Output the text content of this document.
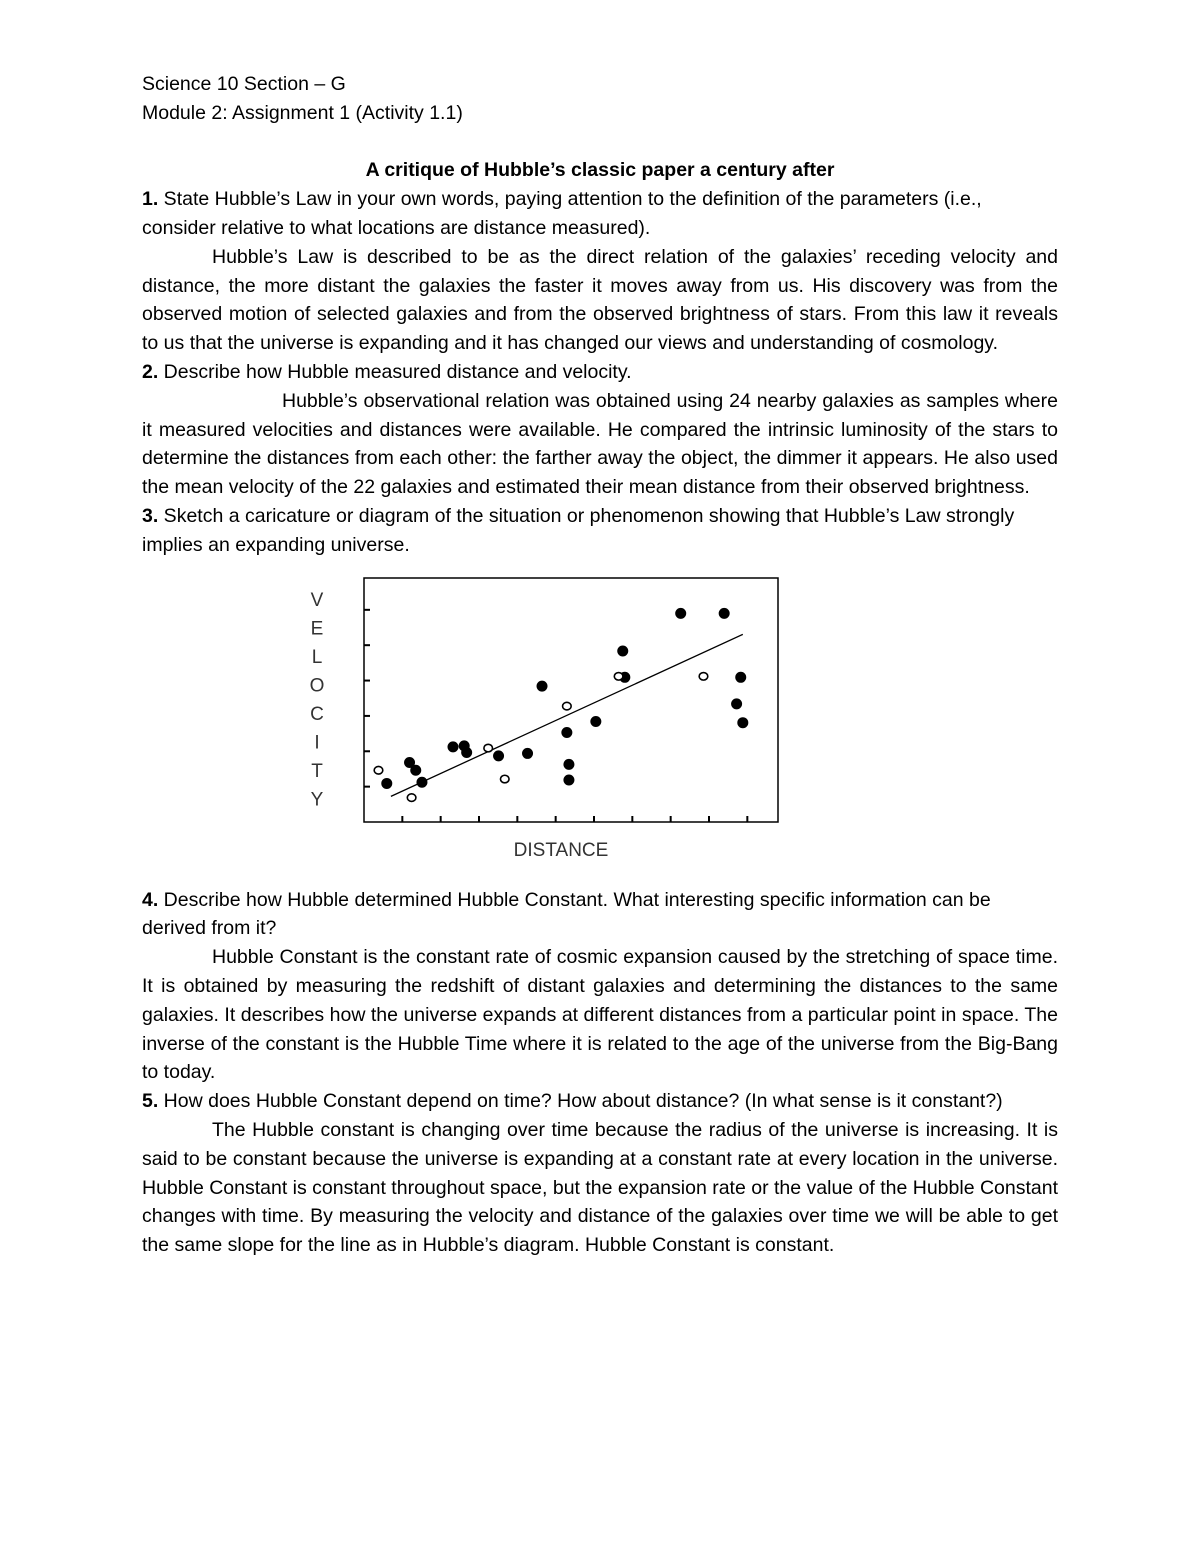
Science 10 Section – G
Module 2: Assignment 1 (Activity 1.1)

A critique of Hubble’s classic paper a century after

1. State Hubble’s Law in your own words, paying attention to the definition of the parameters (i.e., consider relative to what locations are distance measured).

Hubble’s Law is described to be as the direct relation of the galaxies’ receding velocity and distance, the more distant the galaxies the faster it moves away from us. His discovery was from the observed motion of selected galaxies and from the observed brightness of stars. From this law it reveals to us that the universe is expanding and it has changed our views and understanding of cosmology.

2. Describe how Hubble measured distance and velocity.

Hubble’s observational relation was obtained using 24 nearby galaxies as samples where it measured velocities and distances were available. He compared the intrinsic luminosity of the stars to determine the distances from each other: the farther away the object, the dimmer it appears. He also used the mean velocity of the 22 galaxies and estimated their mean distance from their observed brightness.

3. Sketch a caricature or diagram of the situation or phenomenon showing that Hubble’s Law strongly implies an expanding universe.

V
E
L
O
C
I
T
Y
DISTANCE

4. Describe how Hubble determined Hubble Constant. What interesting specific information can be derived from it?

Hubble Constant is the constant rate of cosmic expansion caused by the stretching of space time. It is obtained by measuring the redshift of distant galaxies and determining the distances to the same galaxies. It describes how the universe expands at different distances from a particular point in space. The inverse of the constant is the Hubble Time where it is related to the age of the universe from the Big-Bang to today.

5. How does Hubble Constant depend on time? How about distance? (In what sense is it constant?)

The Hubble constant is changing over time because the radius of the universe is increasing. It is said to be constant because the universe is expanding at a constant rate at every location in the universe. Hubble Constant is constant throughout space, but the expansion rate or the value of the Hubble Constant changes with time. By measuring the velocity and distance of the galaxies over time we will be able to get the same slope for the line as in Hubble’s diagram. Hubble Constant is constant.
